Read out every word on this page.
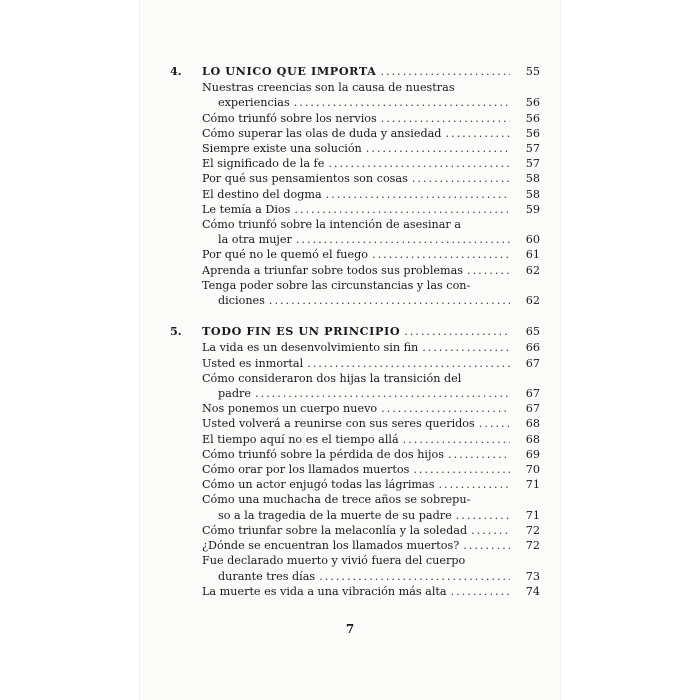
4.	LO UNICO QUE IMPORTA .....	55
Nuestras creencias son la causa de nuestras
experiencias .....	56
Cómo triunfó sobre los nervios .....	56
Cómo superar las olas de duda y ansiedad .....	56
Siempre existe una solución .....	57
El significado de la fe .....	57
Por qué sus pensamientos son cosas .....	58
El destino del dogma .....	58
Le temía a Dios .....	59
Cómo triunfó sobre la intención de asesinar a
la otra mujer .....	60
Por qué no le quemó el fuego .....	61
Aprenda a triunfar sobre todos sus problemas .....	62
Tenga poder sobre las circunstancias y las con-
diciones .....	62
5.	TODO FIN ES UN PRINCIPIO .....	65
La vida es un desenvolvimiento sin fin .....	66
Usted es inmortal .....	67
Cómo consideraron dos hijas la transición del
padre .....	67
Nos ponemos un cuerpo nuevo .....	67
Usted volverá a reunirse con sus seres queridos .....	68
El tiempo aquí no es el tiempo allá .....	68
Cómo triunfó sobre la pérdida de dos hijos .....	69
Cómo orar por los llamados muertos .....	70
Cómo un actor enjugó todas las lágrimas .....	71
Cómo una muchacha de trece años se sobrepu-
so a la tragedia de la muerte de su padre .....	71
Cómo triunfar sobre la melaconlía y la soledad .....	72
¿Dónde se encuentran los llamados muertos? .....	72
Fue declarado muerto y vivió fuera del cuerpo
durante tres días .....	73
La muerte es vida a una vibración más alta .....	74
7
